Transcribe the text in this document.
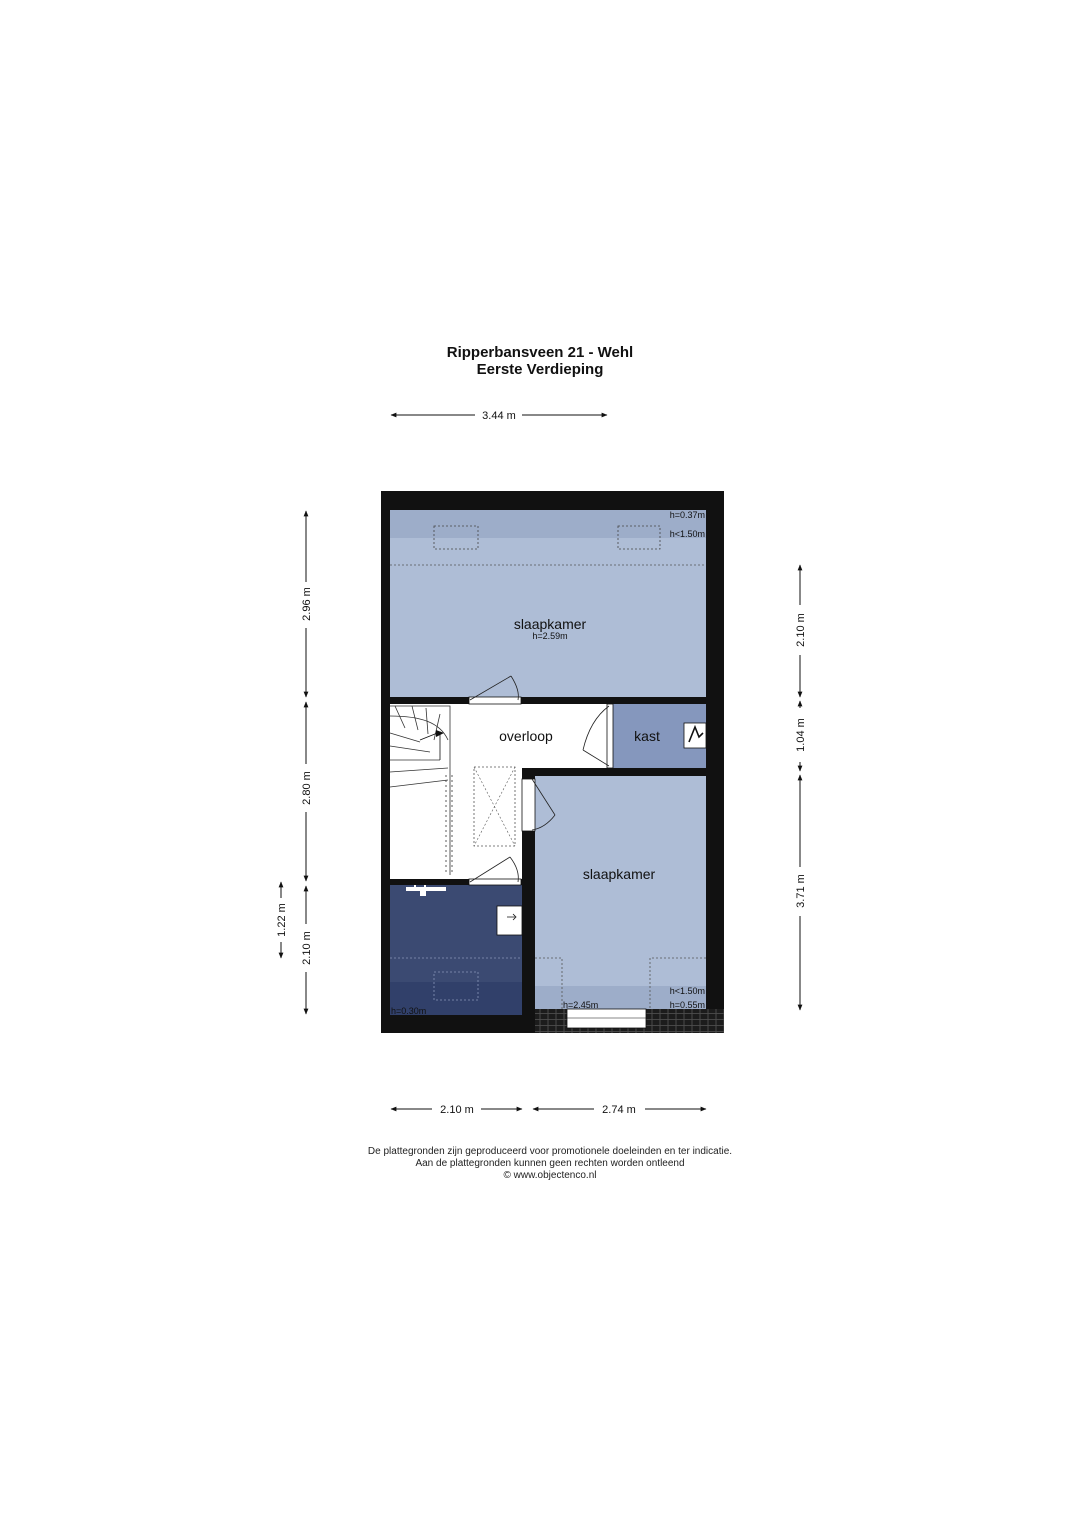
Ripperbansveen 21 - Wehl
Eerste Verdieping
slaapkamer
h=2.59m
overloop	kast
slaapkamer
h=0.37m
h<1.50m
h<1.50m
h=0.55m
h=2.45m
h=0.30m
3.44 m
2.10 m	2.74 m
2.96 m
2.80 m
2.10 m
1.22 m
2.10 m
1.04 m
3.71 m
De plattegronden zijn geproduceerd voor promotionele doeleinden en ter indicatie.
Aan de plattegronden kunnen geen rechten worden ontleend
© www.objectenco.nl
